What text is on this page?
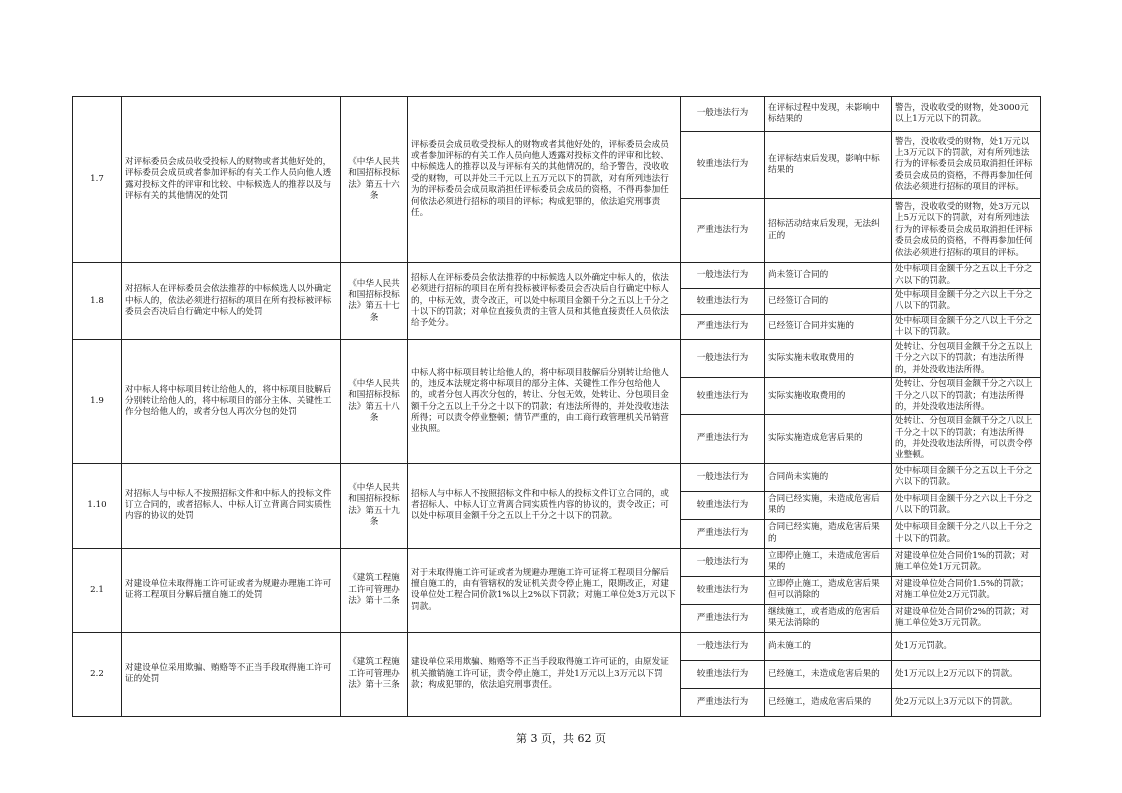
1.7	对评标委员会成员收受投标人的财物或者其他好处的，评标委员会成员或者参加评标的有关工作人员向他人透露对投标文件的评审和比较、中标候选人的推荐以及与评标有关的其他情况的处罚	《中华人民共和国招标投标法》第五十六条	评标委员会成员收受投标人的财物或者其他好处的，评标委员会成员或者参加评标的有关工作人员向他人透露对投标文件的评审和比较、中标候选人的推荐以及与评标有关的其他情况的，给予警告，没收收受的财物，可以并处三千元以上五万元以下的罚款，对有所列违法行为的评标委员会成员取消担任评标委员会成员的资格，不得再参加任何依法必须进行招标的项目的评标；构成犯罪的，依法追究刑事责任。	一般违法行为	在评标过程中发现，未影响中标结果的	警告，没收收受的财物，处3000元以上1万元以下的罚款。
				较重违法行为	在评标结束后发现，影响中标结果的	警告，没收收受的财物，处1万元以上3万元以下的罚款，对有所列违法行为的评标委员会成员取消担任评标委员会成员的资格，不得再参加任何依法必须进行招标的项目的评标。
				严重违法行为	招标活动结束后发现，无法纠正的	警告，没收收受的财物，处3万元以上5万元以下的罚款，对有所列违法行为的评标委员会成员取消担任评标委员会成员的资格，不得再参加任何依法必须进行招标的项目的评标。
1.8	对招标人在评标委员会依法推荐的中标候选人以外确定中标人的，依法必须进行招标的项目在所有投标被评标委员会否决后自行确定中标人的处罚	《中华人民共和国招标投标法》第五十七条	招标人在评标委员会依法推荐的中标候选人以外确定中标人的，依法必须进行招标的项目在所有投标被评标委员会否决后自行确定中标人的，中标无效，责令改正，可以处中标项目金额千分之五以上千分之十以下的罚款；对单位直接负责的主管人员和其他直接责任人员依法给予处分。	一般违法行为	尚未签订合同的	处中标项目金额千分之五以上千分之六以下的罚款。
				较重违法行为	已经签订合同的	处中标项目金额千分之六以上千分之八以下的罚款。
				严重违法行为	已经签订合同并实施的	处中标项目金额千分之八以上千分之十以下的罚款。
1.9	对中标人将中标项目转让给他人的，将中标项目肢解后分别转让给他人的，将中标项目的部分主体、关键性工作分包给他人的，或者分包人再次分包的处罚	《中华人民共和国招标投标法》第五十八条	中标人将中标项目转让给他人的，将中标项目肢解后分别转让给他人的，违反本法规定将中标项目的部分主体、关键性工作分包给他人的，或者分包人再次分包的，转让、分包无效，处转让、分包项目金额千分之五以上千分之十以下的罚款；有违法所得的，并处没收违法所得；可以责令停业整顿；情节严重的，由工商行政管理机关吊销营业执照。	一般违法行为	实际实施未收取费用的	处转让、分包项目金额千分之五以上千分之六以下的罚款；有违法所得的，并处没收违法所得。
				较重违法行为	实际实施收取费用的	处转让、分包项目金额千分之六以上千分之八以下的罚款；有违法所得的，并处没收违法所得。
				严重违法行为	实际实施造成危害后果的	处转让、分包项目金额千分之八以上千分之十以下的罚款；有违法所得的，并处没收违法所得，可以责令停业整顿。
1.10	对招标人与中标人不按照招标文件和中标人的投标文件订立合同的，或者招标人、中标人订立背离合同实质性内容的协议的处罚	《中华人民共和国招标投标法》第五十九条	招标人与中标人不按照招标文件和中标人的投标文件订立合同的，或者招标人、中标人订立背离合同实质性内容的协议的，责令改正；可以处中标项目金额千分之五以上千分之十以下的罚款。	一般违法行为	合同尚未实施的	处中标项目金额千分之五以上千分之六以下的罚款。
				较重违法行为	合同已经实施，未造成危害后果的	处中标项目金额千分之六以上千分之八以下的罚款。
				严重违法行为	合同已经实施，造成危害后果的	处中标项目金额千分之八以上千分之十以下的罚款。
2.1	对建设单位未取得施工许可证或者为规避办理施工许可证将工程项目分解后擅自施工的处罚	《建筑工程施工许可管理办法》第十二条	对于未取得施工许可证或者为规避办理施工许可证将工程项目分解后擅自施工的，由有管辖权的发证机关责令停止施工，限期改正，对建设单位处工程合同价款1%以上2%以下罚款；对施工单位处3万元以下罚款。	一般违法行为	立即停止施工，未造成危害后果的	对建设单位处合同价1%的罚款；对施工单位处1万元罚款。
				较重违法行为	立即停止施工，造成危害后果但可以消除的	对建设单位处合同价1.5%的罚款；对施工单位处2万元罚款。
				严重违法行为	继续施工，或者造成的危害后果无法消除的	对建设单位处合同价2%的罚款；对施工单位处3万元罚款。
2.2	对建设单位采用欺骗、贿赂等不正当手段取得施工许可证的处罚	《建筑工程施工许可管理办法》第十三条	建设单位采用欺骗、贿赂等不正当手段取得施工许可证的，由原发证机关撤销施工许可证，责令停止施工，并处1万元以上3万元以下罚款；构成犯罪的，依法追究刑事责任。	一般违法行为	尚未施工的	处1万元罚款。
				较重违法行为	已经施工，未造成危害后果的	处1万元以上2万元以下的罚款。
				严重违法行为	已经施工，造成危害后果的	处2万元以上3万元以下的罚款。
第 3 页，共 62 页
